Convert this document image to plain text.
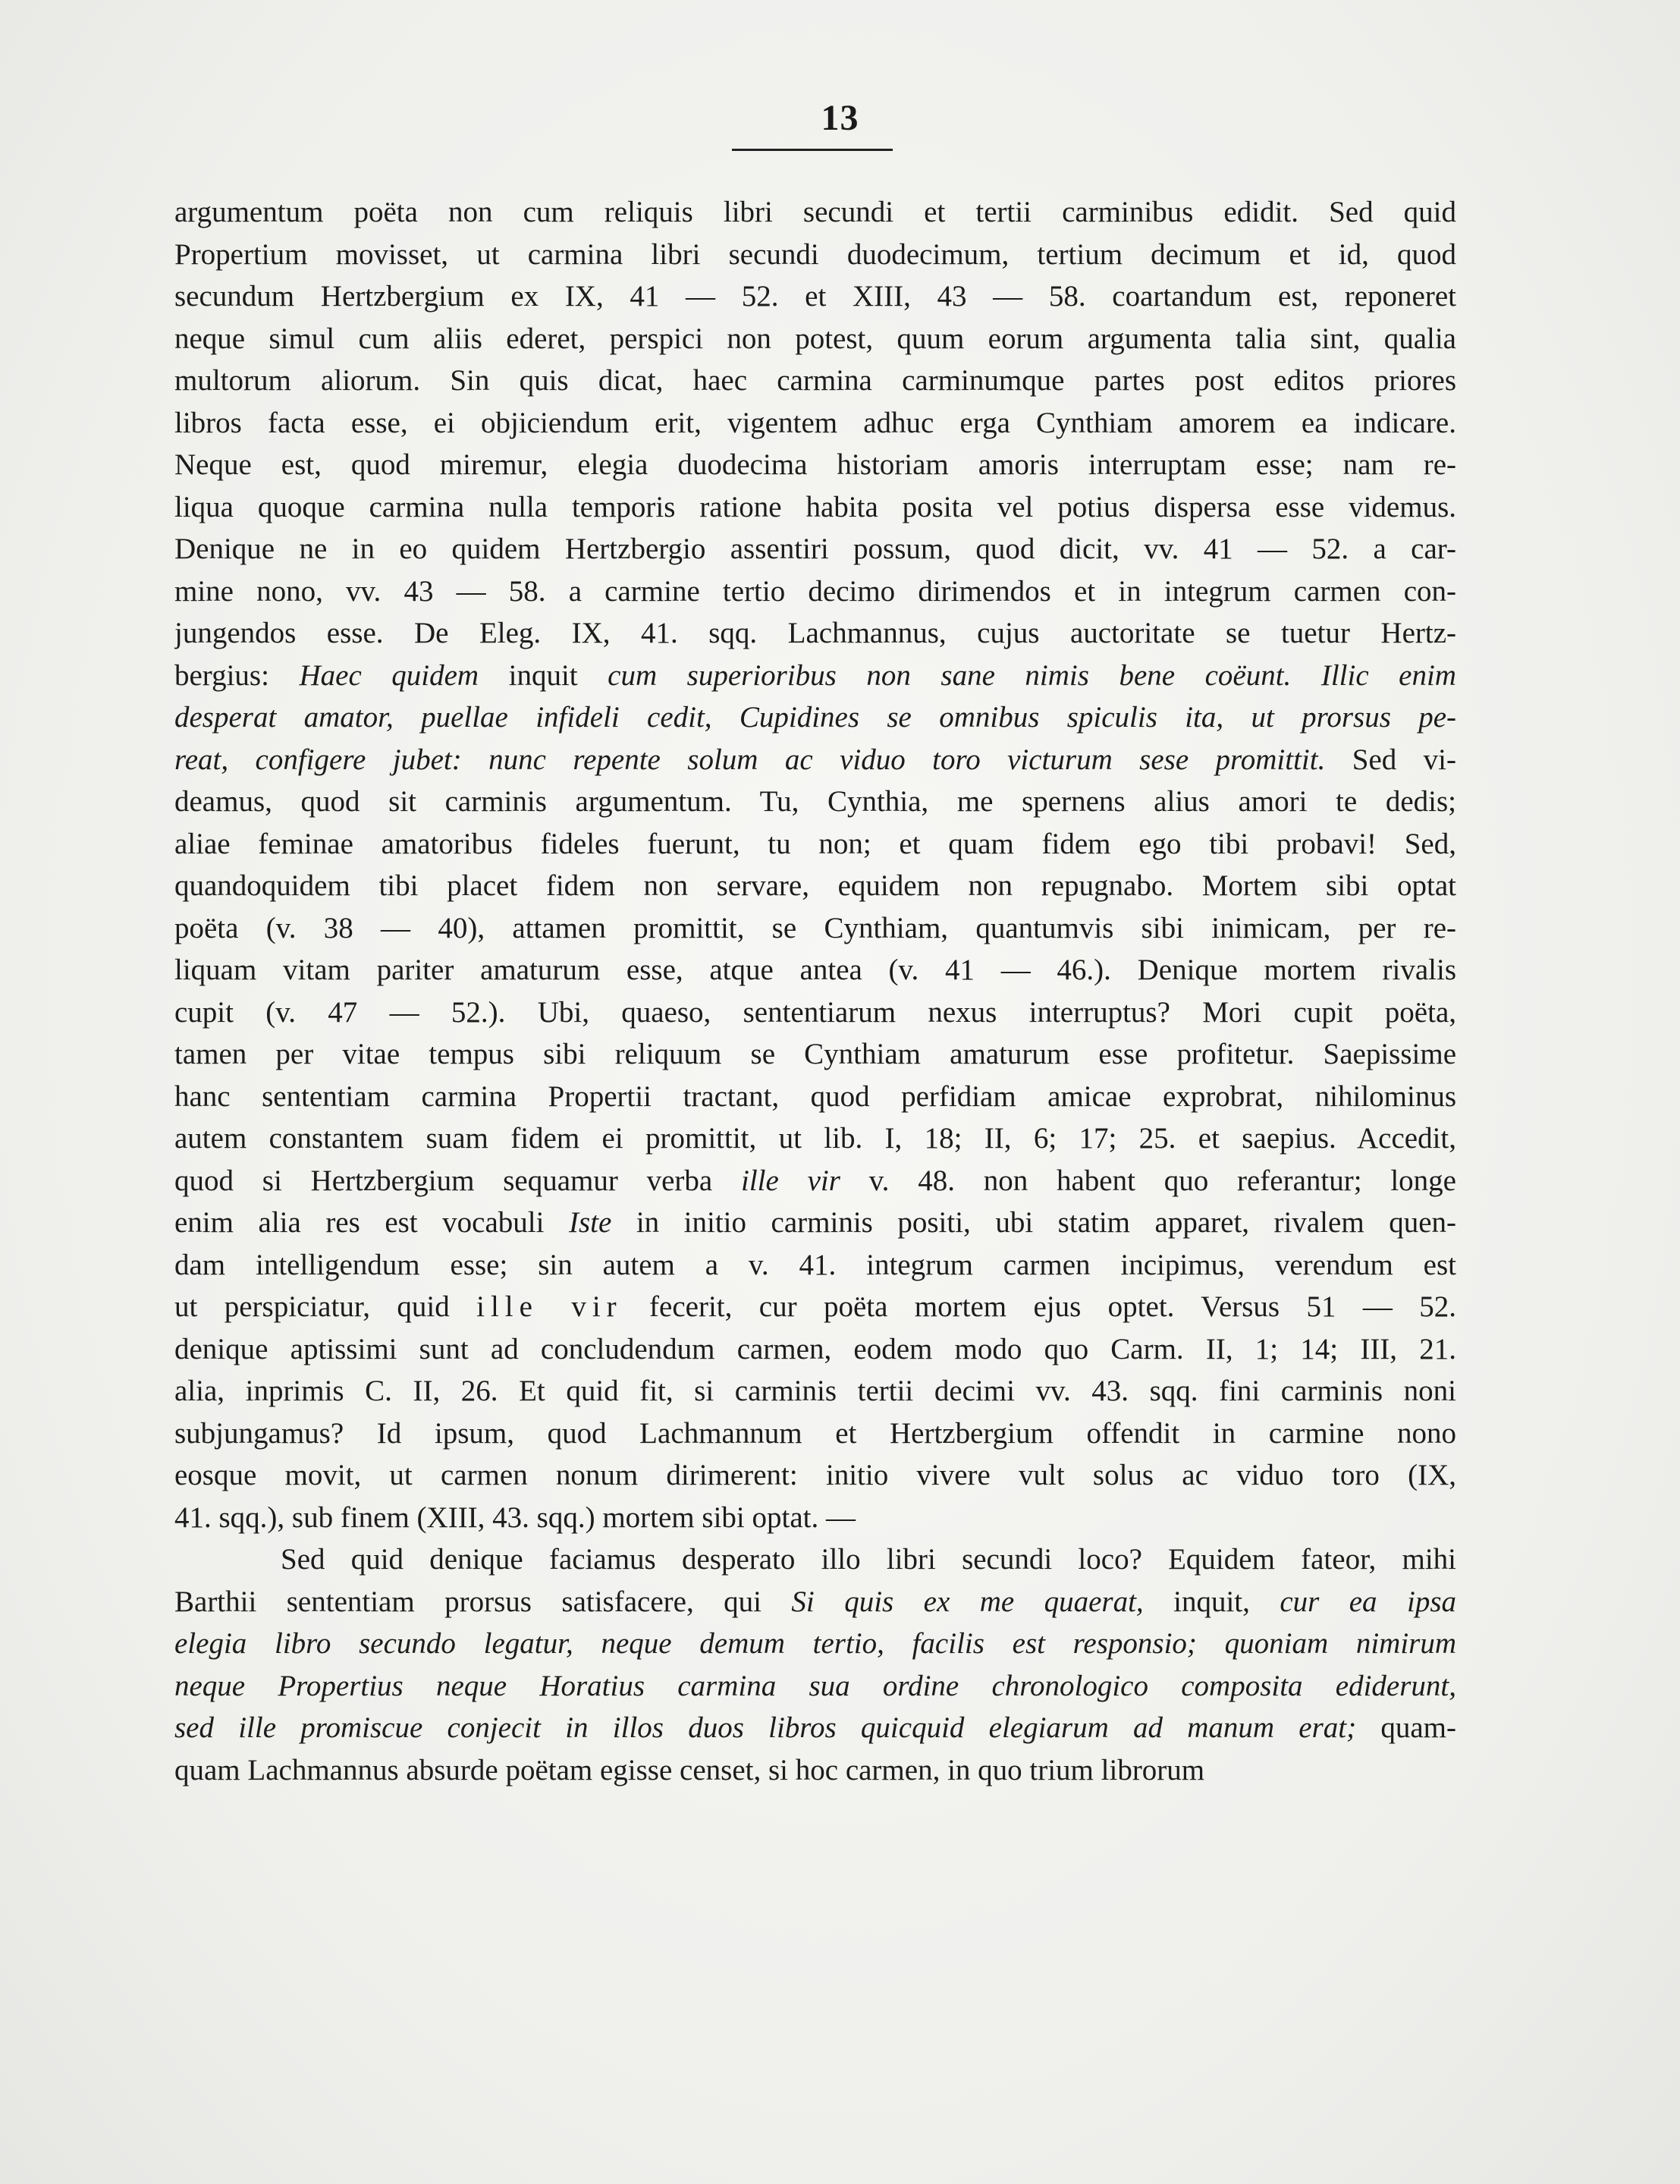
13
argumentum poëta non cum reliquis libri secundi et tertii carminibus edidit. Sed quid
Propertium movisset, ut carmina libri secundi duodecimum, tertium decimum et id, quod
secundum Hertzbergium ex IX, 41 — 52. et XIII, 43 — 58. coartandum est, reponeret
neque simul cum aliis ederet, perspici non potest, quum eorum argumenta talia sint, qualia
multorum aliorum. Sin quis dicat, haec carmina carminumque partes post editos priores
libros facta esse, ei objiciendum erit, vigentem adhuc erga Cynthiam amorem ea indicare.
Neque est, quod miremur, elegia duodecima historiam amoris interruptam esse; nam re-
liqua quoque carmina nulla temporis ratione habita posita vel potius dispersa esse videmus.
Denique ne in eo quidem Hertzbergio assentiri possum, quod dicit, vv. 41 — 52. a car-
mine nono, vv. 43 — 58. a carmine tertio decimo dirimendos et in integrum carmen con-
jungendos esse. De Eleg. IX, 41. sqq. Lachmannus, cujus auctoritate se tuetur Hertz-
bergius: Haec quidem inquit cum superioribus non sane nimis bene coëunt. Illic enim
desperat amator, puellae infideli cedit, Cupidines se omnibus spiculis ita, ut prorsus pe-
reat, configere jubet: nunc repente solum ac viduo toro victurum sese promittit. Sed vi-
deamus, quod sit carminis argumentum. Tu, Cynthia, me spernens alius amori te dedis;
aliae feminae amatoribus fideles fuerunt, tu non; et quam fidem ego tibi probavi! Sed,
quandoquidem tibi placet fidem non servare, equidem non repugnabo. Mortem sibi optat
poëta (v. 38 — 40), attamen promittit, se Cynthiam, quantumvis sibi inimicam, per re-
liquam vitam pariter amaturum esse, atque antea (v. 41 — 46.). Denique mortem rivalis
cupit (v. 47 — 52.). Ubi, quaeso, sententiarum nexus interruptus? Mori cupit poëta,
tamen per vitae tempus sibi reliquum se Cynthiam amaturum esse profitetur. Saepissime
hanc sententiam carmina Propertii tractant, quod perfidiam amicae exprobrat, nihilominus
autem constantem suam fidem ei promittit, ut lib. I, 18; II, 6; 17; 25. et saepius. Accedit,
quod si Hertzbergium sequamur verba ille vir v. 48. non habent quo referantur; longe
enim alia res est vocabuli Iste in initio carminis positi, ubi statim apparet, rivalem quen-
dam intelligendum esse; sin autem a v. 41. integrum carmen incipimus, verendum est
ut perspiciatur, quid ille vir fecerit, cur poëta mortem ejus optet. Versus 51 — 52.
denique aptissimi sunt ad concludendum carmen, eodem modo quo Carm. II, 1; 14; III, 21.
alia, inprimis C. II, 26. Et quid fit, si carminis tertii decimi vv. 43. sqq. fini carminis noni
subjungamus? Id ipsum, quod Lachmannum et Hertzbergium offendit in carmine nono
eosque movit, ut carmen nonum dirimerent: initio vivere vult solus ac viduo toro (IX,
41. sqq.), sub finem (XIII, 43. sqq.) mortem sibi optat. —
Sed quid denique faciamus desperato illo libri secundi loco? Equidem fateor, mihi
Barthii sententiam prorsus satisfacere, qui Si quis ex me quaerat, inquit, cur ea ipsa
elegia libro secundo legatur, neque demum tertio, facilis est responsio; quoniam nimirum
neque Propertius neque Horatius carmina sua ordine chronologico composita ediderunt,
sed ille promiscue conjecit in illos duos libros quicquid elegiarum ad manum erat; quam-
quam Lachmannus absurde poëtam egisse censet, si hoc carmen, in quo trium librorum
